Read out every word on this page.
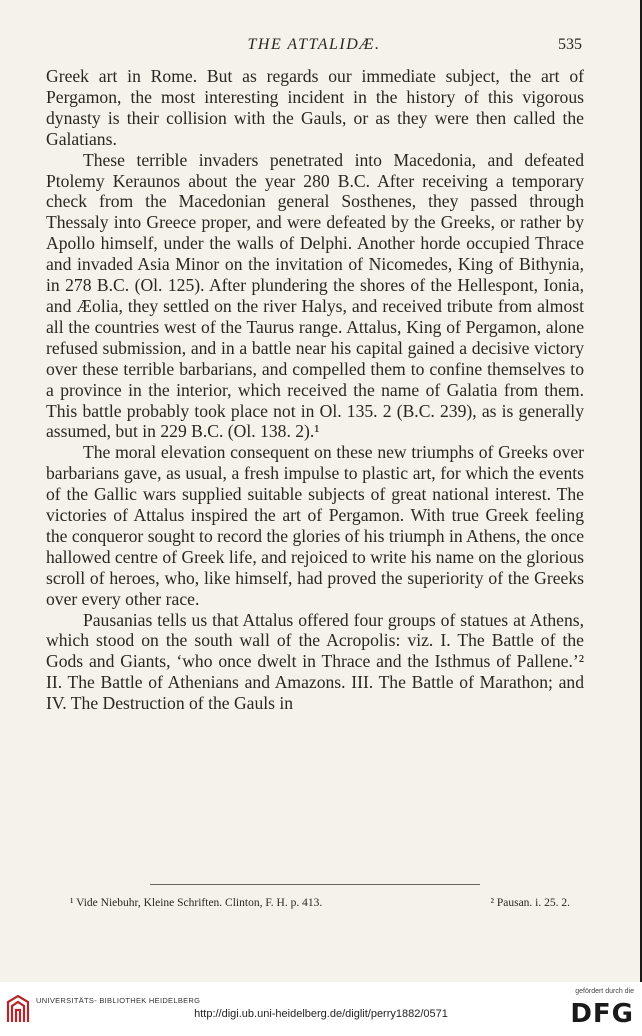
THE ATTALIDÆ.	535

Greek art in Rome. But as regards our immediate subject, the art of Pergamon, the most interesting incident in the history of this vigorous dynasty is their collision with the Gauls, or as they were then called the Galatians.

These terrible invaders penetrated into Macedonia, and defeated Ptolemy Keraunos about the year 280 B.C. After receiving a temporary check from the Macedonian general Sosthenes, they passed through Thessaly into Greece proper, and were defeated by the Greeks, or rather by Apollo himself, under the walls of Delphi. Another horde occupied Thrace and invaded Asia Minor on the invitation of Nicomedes, King of Bithynia, in 278 B.C. (Ol. 125). After plundering the shores of the Hellespont, Ionia, and Æolia, they settled on the river Halys, and received tribute from almost all the countries west of the Taurus range. Attalus, King of Pergamon, alone refused submission, and in a battle near his capital gained a decisive victory over these terrible barbarians, and compelled them to confine themselves to a province in the interior, which received the name of Galatia from them. This battle probably took place not in Ol. 135. 2 (B.C. 239), as is generally assumed, but in 229 B.C. (Ol. 138. 2).¹

The moral elevation consequent on these new triumphs of Greeks over barbarians gave, as usual, a fresh impulse to plastic art, for which the events of the Gallic wars supplied suitable subjects of great national interest. The victories of Attalus inspired the art of Pergamon. With true Greek feeling the conqueror sought to record the glories of his triumph in Athens, the once hallowed centre of Greek life, and rejoiced to write his name on the glorious scroll of heroes, who, like himself, had proved the superiority of the Greeks over every other race.

Pausanias tells us that Attalus offered four groups of statues at Athens, which stood on the south wall of the Acropolis: viz. I. The Battle of the Gods and Giants, ‘who once dwelt in Thrace and the Isthmus of Pallene.’² II. The Battle of Athenians and Amazons. III. The Battle of Marathon; and IV. The Destruction of the Gauls in

¹ Vide Niebuhr, Kleine Schriften. Clinton, F. H. p. 413.	² Pausan. i. 25. 2.
UNIVERSITÄTS- BIBLIOTHEK HEIDELBERG
http://digi.ub.uni-heidelberg.de/diglit/perry1882/0571
gefördert durch die
DFG
